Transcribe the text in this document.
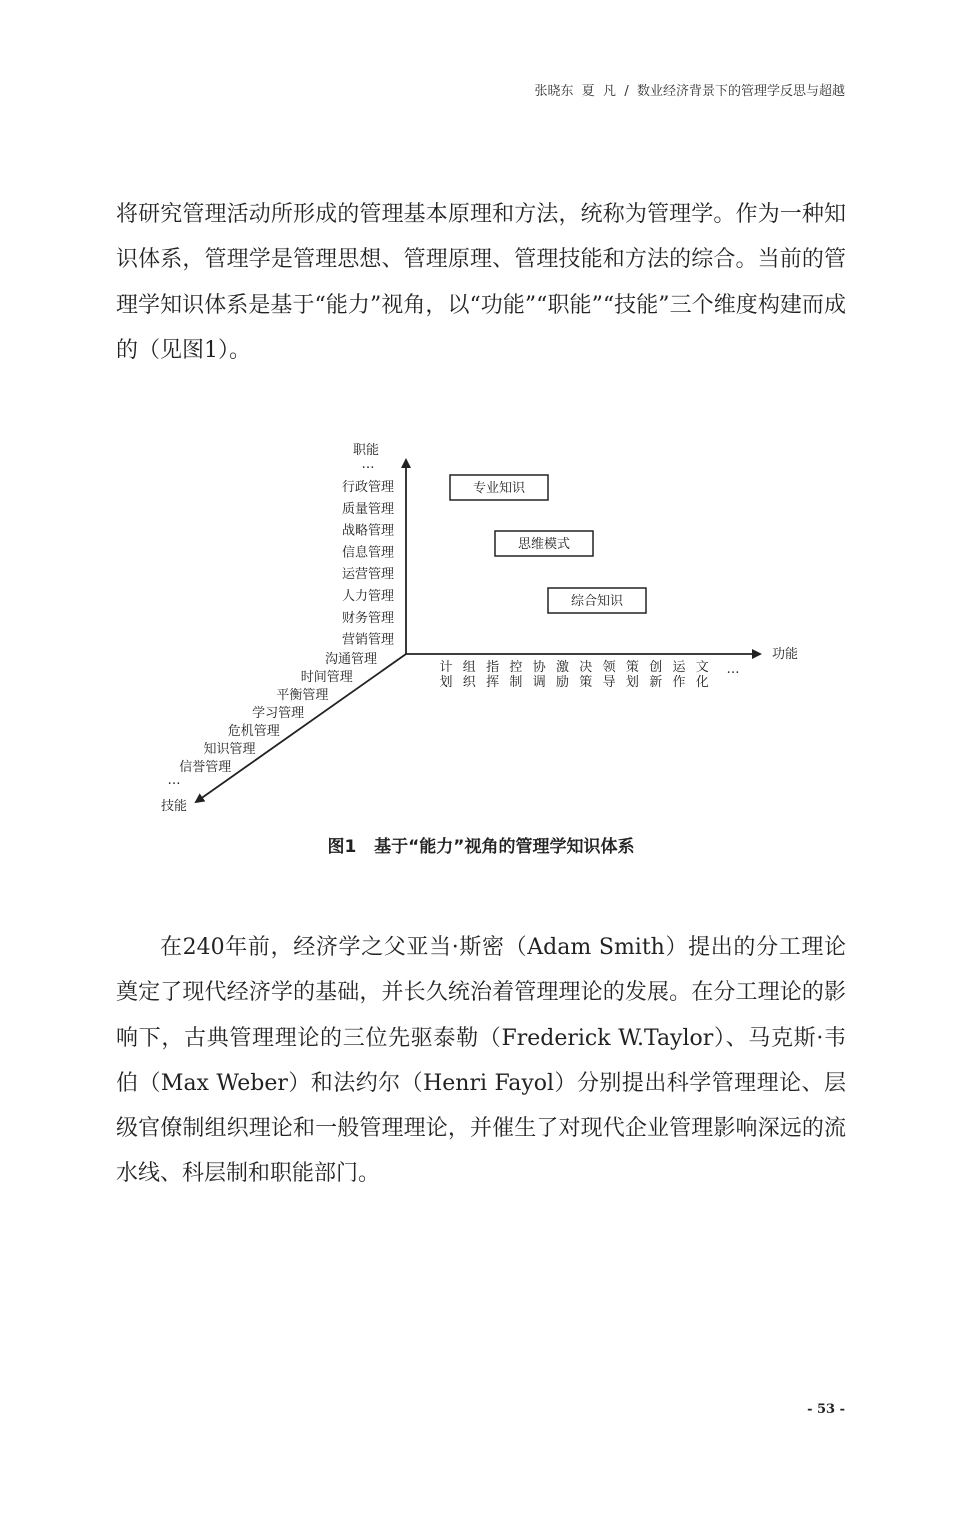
张晓东  夏  凡 / 数业经济背景下的管理学反思与超越

将研究管理活动所形成的管理基本原理和方法，统称为管理学。作为一种知识体系，管理学是管理思想、管理原理、管理技能和方法的综合。当前的管理学知识体系是基于“能力”视角，以“功能”“职能”“技能”三个维度构建而成的（见图1）。

职能
…
行政管理
质量管理
战略管理
信息管理
运营管理
人力管理
财务管理
营销管理
功能
计
划
组
织
指
挥
控
制
协
调
激
励
决
策
领
导
策
划
创
新
运
作
文
化
…
技能
…
沟通管理
时间管理
平衡管理
学习管理
危机管理
知识管理
信誉管理
专业知识
思维模式
综合知识
图1   基于“能力”视角的管理学知识体系

在240年前，经济学之父亚当·斯密（Adam Smith）提出的分工理论奠定了现代经济学的基础，并长久统治着管理理论的发展。在分工理论的影响下，古典管理理论的三位先驱泰勒（Frederick W.Taylor）、马克斯·韦伯（Max Weber）和法约尔（Henri Fayol）分别提出科学管理理论、层级官僚制组织理论和一般管理理论，并催生了对现代企业管理影响深远的流水线、科层制和职能部门。

- 53 -
